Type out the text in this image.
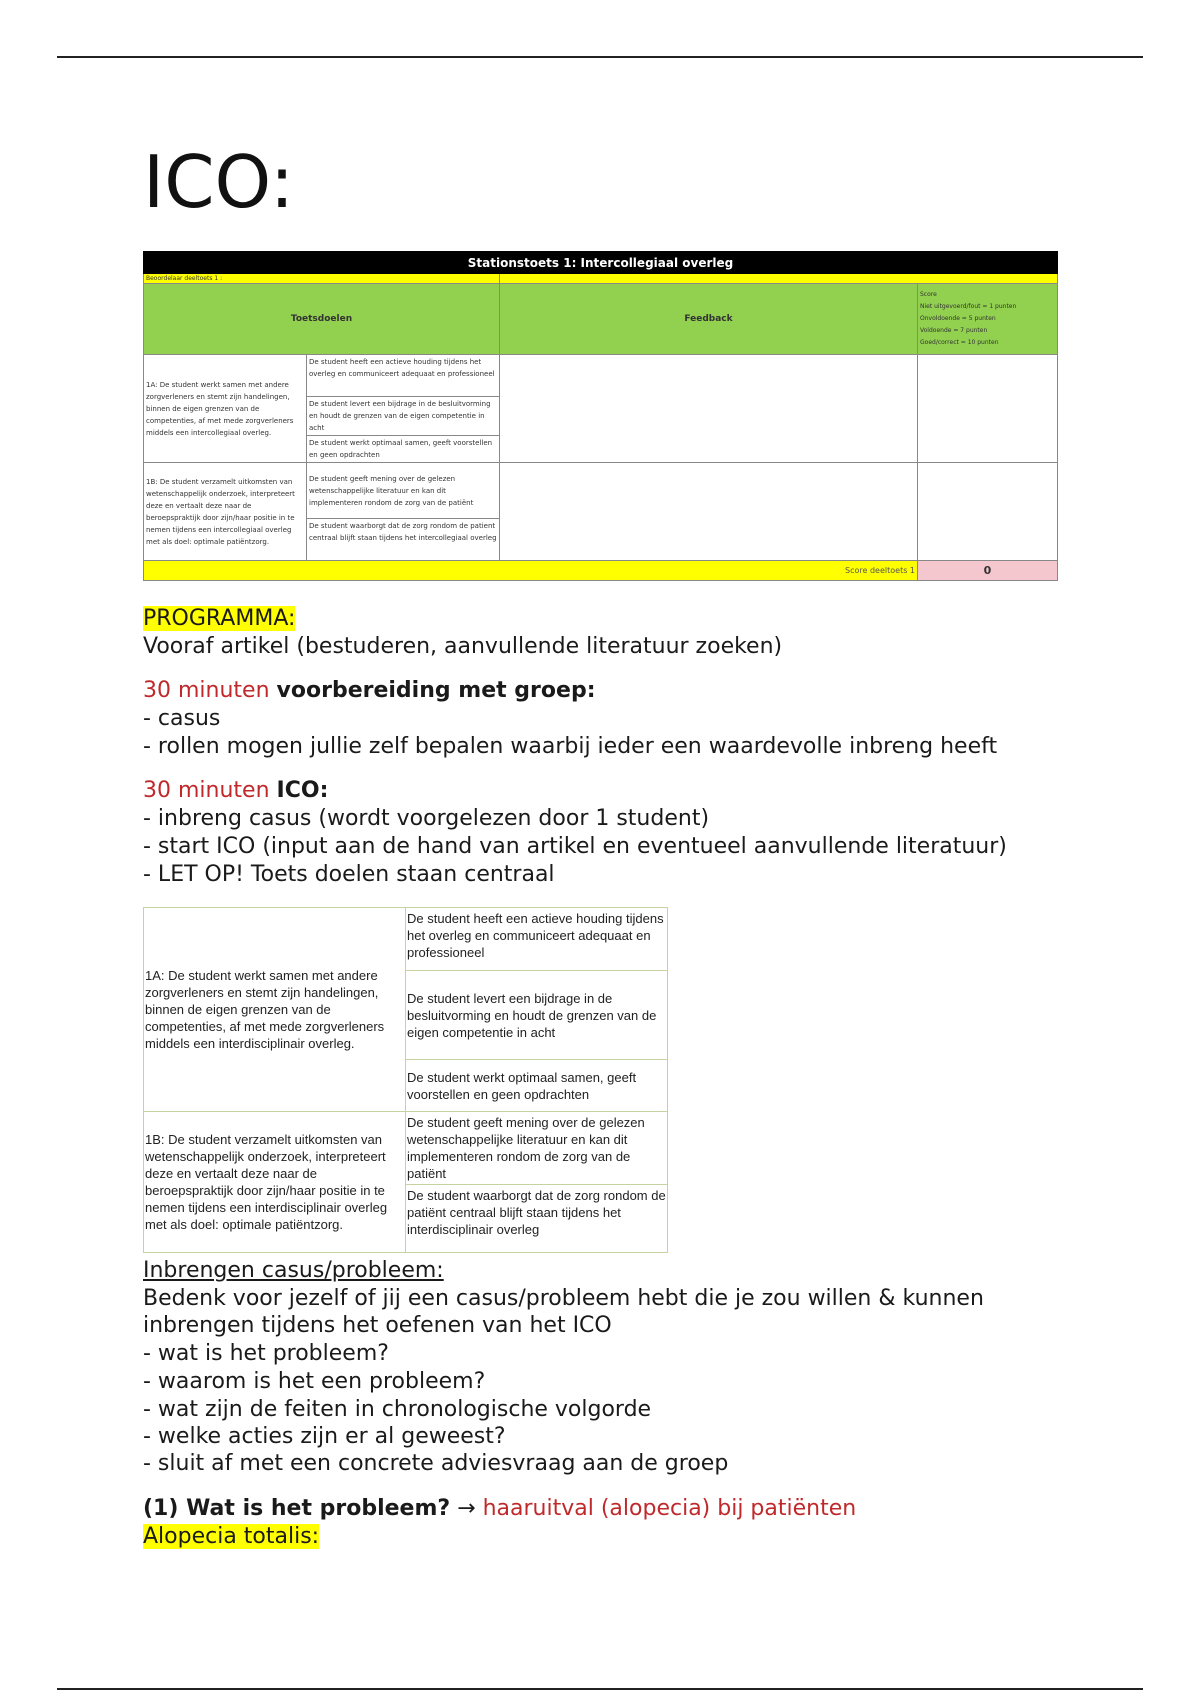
ICO:
Stationstoets 1: Intercollegiaal overleg			
Beoordelaar deeltoets 1 :			
Toetsdoelen		Feedback	Score
Niet uitgevoerd/fout = 1 punten
Onvoldoende = 5 punten
Voldoende = 7 punten
Goed/correct = 10 punten

1A: De student werkt samen met andere zorgverleners en stemt zijn handelingen, binnen de eigen grenzen van de competenties, af met mede zorgverleners middels een intercollegiaal overleg.	De student heeft een actieve houding tijdens het overleg en communiceert adequaat en professioneel		
	De student levert een bijdrage in de besluitvorming en houdt de grenzen van de eigen competentie in acht		
	De student werkt optimaal samen, geeft voorstellen en geen opdrachten		
1B: De student verzamelt uitkomsten van wetenschappelijk onderzoek, interpreteert deze en vertaalt deze naar de beroepspraktijk door zijn/haar positie in te nemen tijdens een intercollegiaal overleg met als doel: optimale patiëntzorg.	De student geeft mening over de gelezen wetenschappelijke literatuur en kan dit implementeren rondom de zorg van de patiënt		
	De student waarborgt dat de zorg rondom de patient centraal blijft staan tijdens het intercollegiaal overleg		
Score deeltoets 1			0
PROGRAMMA:
Vooraf artikel (bestuderen, aanvullende literatuur zoeken)
30 minuten voorbereiding met groep:
- casus
- rollen mogen jullie zelf bepalen waarbij ieder een waardevolle inbreng heeft
30 minuten ICO:
- inbreng casus (wordt voorgelezen door 1 student)
- start ICO (input aan de hand van artikel en eventueel aanvullende literatuur)
- LET OP! Toets doelen staan centraal
1A: De student werkt samen met andere zorgverleners en stemt zijn handelingen, binnen de eigen grenzen van de competenties, af met mede zorgverleners middels een interdisciplinair overleg.	De student heeft een actieve houding tijdens het overleg en communiceert adequaat en professioneel
	De student levert een bijdrage in de besluitvorming en houdt de grenzen van de eigen competentie in acht
	De student werkt optimaal samen, geeft voorstellen en geen opdrachten
1B: De student verzamelt uitkomsten van wetenschappelijk onderzoek, interpreteert deze en vertaalt deze naar de beroepspraktijk door zijn/haar positie in te nemen tijdens een interdisciplinair overleg met als doel: optimale patiëntzorg.	De student geeft mening over de gelezen wetenschappelijke literatuur en kan dit implementeren rondom de zorg van de patiënt
	De student waarborgt dat de zorg rondom de patiënt centraal blijft staan tijdens het interdisciplinair overleg
Inbrengen casus/probleem:
Bedenk voor jezelf of jij een casus/probleem hebt die je zou willen & kunnen
inbrengen tijdens het oefenen van het ICO
- wat is het probleem?
- waarom is het een probleem?
- wat zijn de feiten in chronologische volgorde
- welke acties zijn er al geweest?
- sluit af met een concrete adviesvraag aan de groep
(1) Wat is het probleem? → haaruitval (alopecia) bij patiënten
Alopecia totalis:
